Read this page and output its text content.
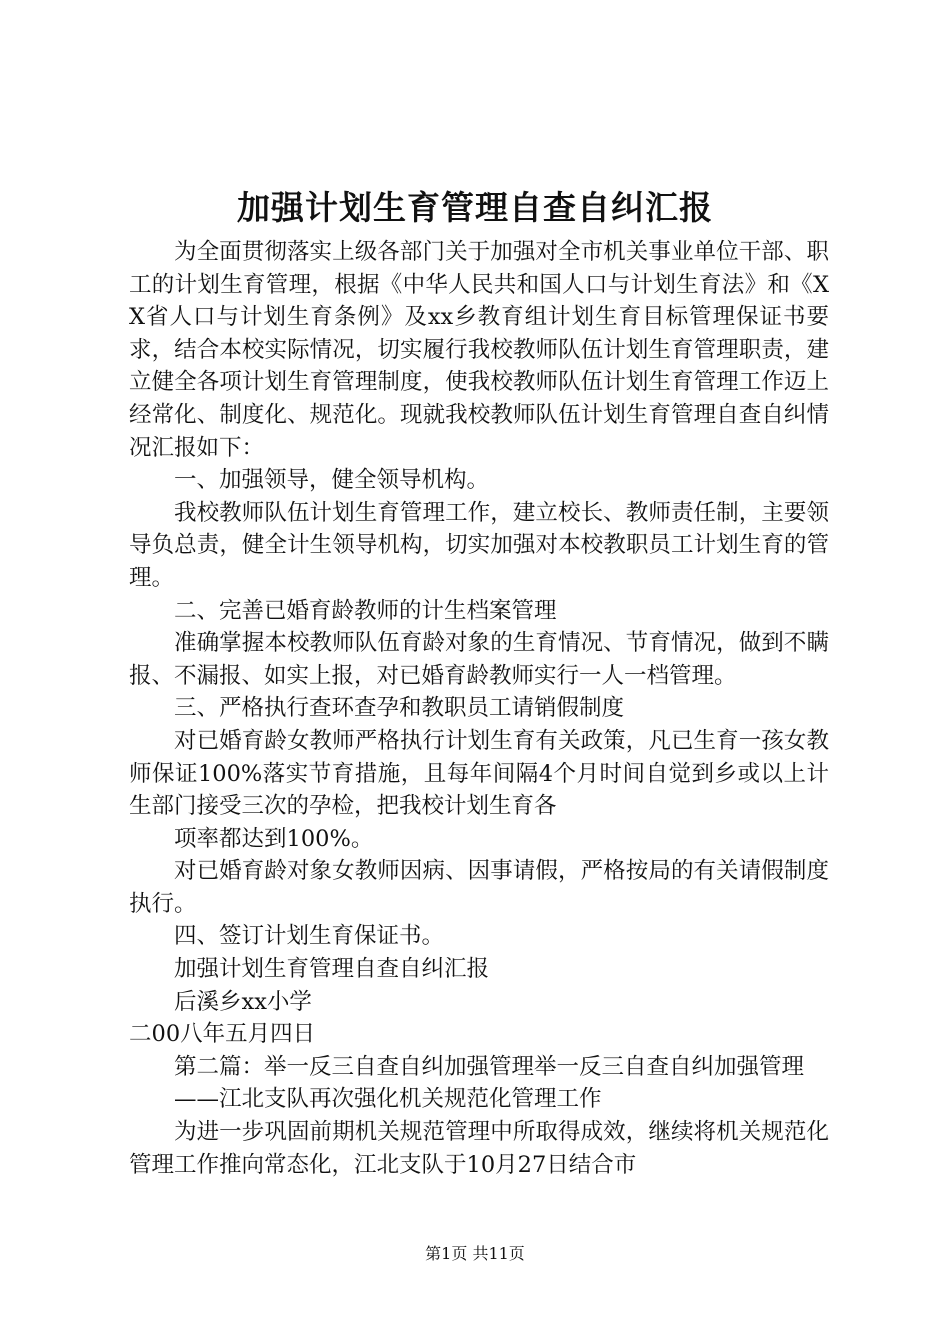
加强计划生育管理自查自纠汇报

为全面贯彻落实上级各部门关于加强对全市机关事业单位干部、职工的计划生育管理，根据《中华人民共和国人口与计划生育法》和《XX省人口与计划生育条例》及xx乡教育组计划生育目标管理保证书要求，结合本校实际情况，切实履行我校教师队伍计划生育管理职责，建立健全各项计划生育管理制度，使我校教师队伍计划生育管理工作迈上经常化、制度化、规范化。现就我校教师队伍计划生育管理自查自纠情况汇报如下：

一、加强领导，健全领导机构。

我校教师队伍计划生育管理工作，建立校长、教师责任制，主要领导负总责，健全计生领导机构，切实加强对本校教职员工计划生育的管理。

二、完善已婚育龄教师的计生档案管理

准确掌握本校教师队伍育龄对象的生育情况、节育情况，做到不瞒报、不漏报、如实上报，对已婚育龄教师实行一人一档管理。

三、严格执行查环查孕和教职员工请销假制度

对已婚育龄女教师严格执行计划生育有关政策，凡已生育一孩女教师保证100%落实节育措施，且每年间隔4个月时间自觉到乡或以上计生部门接受三次的孕检，把我校计划生育各

项率都达到100%。

对已婚育龄对象女教师因病、因事请假，严格按局的有关请假制度执行。

四、签订计划生育保证书。

加强计划生育管理自查自纠汇报

后溪乡xx小学

二00八年五月四日

第二篇：举一反三自查自纠加强管理举一反三自查自纠加强管理

——江北支队再次强化机关规范化管理工作

为进一步巩固前期机关规范管理中所取得成效，继续将机关规范化管理工作推向常态化，江北支队于10月27日结合市

第1页 共11页
